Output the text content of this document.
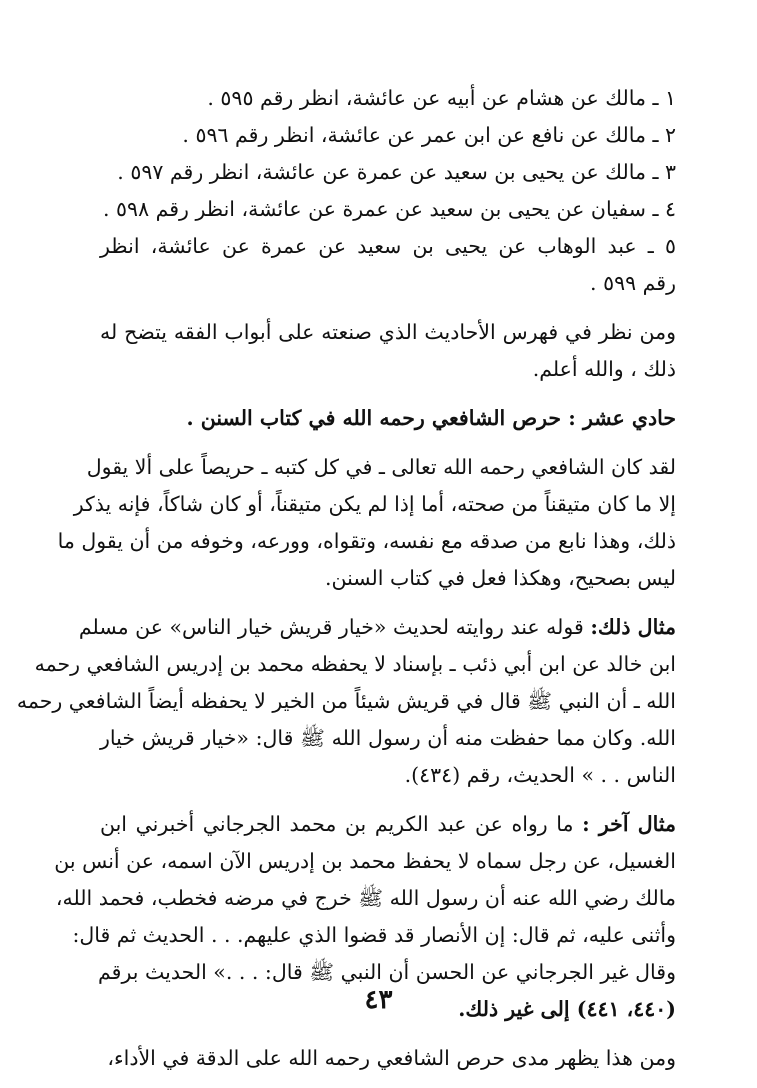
١ ـ مالك عن هشام عن أبيه عن عائشة، انظر رقم ٥٩٥ .
٢ ـ مالك عن نافع عن ابن عمر عن عائشة، انظر رقم ٥٩٦ .
٣ ـ مالك عن يحيى بن سعيد عن عمرة عن عائشة، انظر رقم ٥٩٧ .
٤ ـ سفيان عن يحيى بن سعيد عن عمرة عن عائشة، انظر رقم ٥٩٨ .
٥ ـ عبد الوهاب عن يحيى بن سعيد عن عمرة عن عائشة، انظر
رقم ٥٩٩ .
ومن نظر في فهرس الأحاديث الذي صنعته على أبواب الفقه يتضح له
ذلك ، والله أعلم.
حادي عشر : حرص الشافعي رحمه الله في كتاب السنن .
لقد كان الشافعي رحمه الله تعالى ـ في كل كتبه ـ حريصاً على ألا يقول
إلا ما كان متيقناً من صحته، أما إذا لم يكن متيقناً، أو كان شاكاً، فإنه يذكر
ذلك، وهذا نابع من صدقه مع نفسه، وتقواه، وورعه، وخوفه من أن يقول ما
ليس بصحيح، وهكذا فعل في كتاب السنن.
مثال ذلك: قوله عند روايته لحديث «خيار قريش خيار الناس» عن مسلم
ابن خالد عن ابن أبي ذئب ـ بإسناد لا يحفظه محمد بن إدريس الشافعي رحمه
الله ـ أن النبي ﷺ قال في قريش شيئاً من الخير لا يحفظه أيضاً الشافعي رحمه
الله. وكان مما حفظت منه أن رسول الله ﷺ قال: «خيار قريش خيار
الناس . . » الحديث، رقم (٤٣٤).
مثال آخر : ما رواه عن عبد الكريم بن محمد الجرجاني أخبرني ابن
الغسيل، عن رجل سماه لا يحفظ محمد بن إدريس الآن اسمه، عن أنس بن
مالك رضي الله عنه أن رسول الله ﷺ خرج في مرضه فخطب، فحمد الله،
وأثنى عليه، ثم قال: إن الأنصار قد قضوا الذي عليهم. . . الحديث ثم قال:
وقال غير الجرجاني عن الحسن أن النبي ﷺ قال: . . .» الحديث برقم
(٤٤٠، ٤٤١) إلى غير ذلك.
ومن هذا يظهر مدى حرص الشافعي رحمه الله على الدقة في الأداء،
٤٣
